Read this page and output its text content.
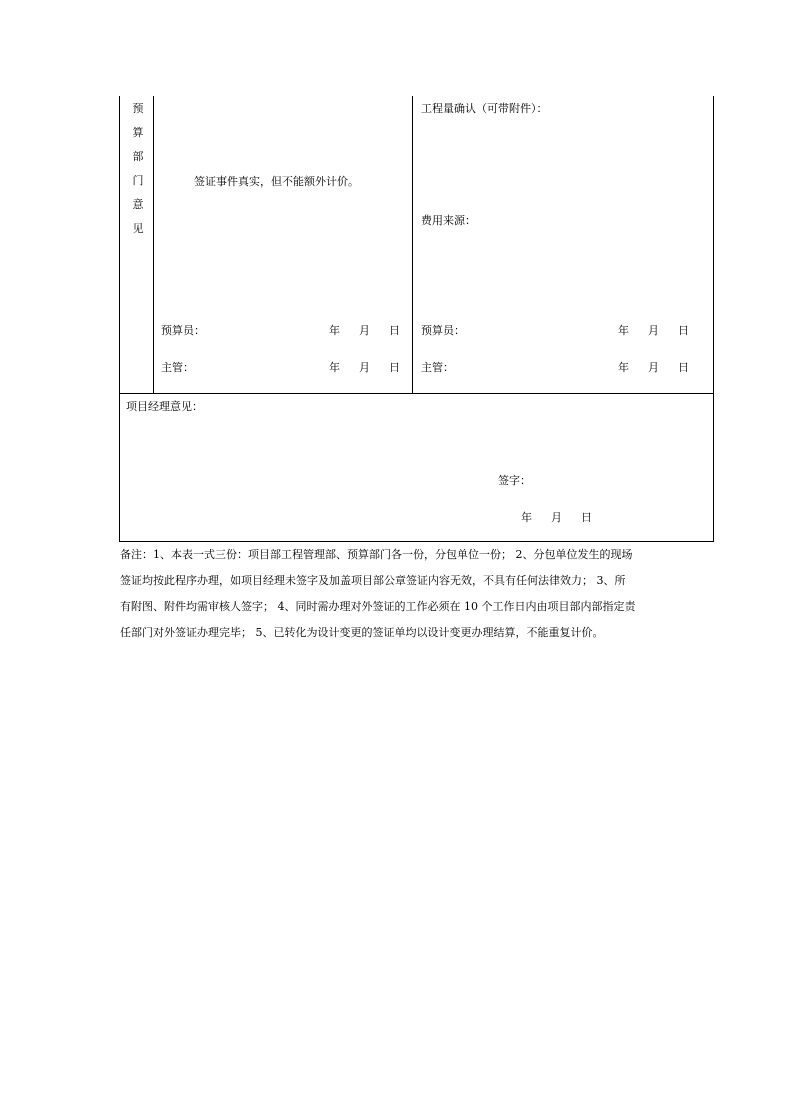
预
算
部
门
意
见
签证事件真实，但不能额外计价。
预算员：	年 月 日
主管：	年 月 日
工程量确认（可带附件）：
费用来源：
预算员：	年 月 日
主管：	年 月 日
项目经理意见：
签字：
年 月 日
备注：1、本表一式三份：项目部工程管理部、预算部门各一份，分包单位一份； 2、分包单位发生的现场
签证均按此程序办理，如项目经理未签字及加盖项目部公章签证内容无效，不具有任何法律效力； 3、所
有附图、附件均需审核人签字； 4、同时需办理对外签证的工作必须在 10 个工作日内由项目部内部指定责
任部门对外签证办理完毕； 5、已转化为设计变更的签证单均以设计变更办理结算，不能重复计价。
